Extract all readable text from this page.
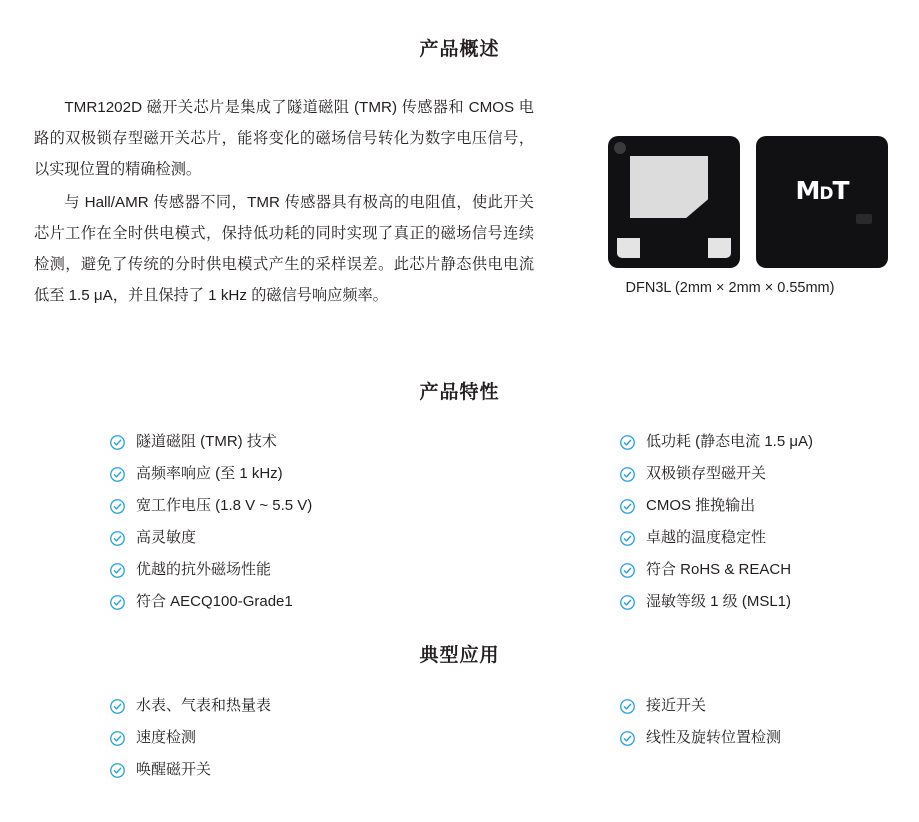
产品概述

TMR1202D 磁开关芯片是集成了隧道磁阻 (TMR) 传感器和 CMOS 电路的双极锁存型磁开关芯片，能将变化的磁场信号转化为数字电压信号，以实现位置的精确检测。

与 Hall/AMR 传感器不同，TMR 传感器具有极高的电阻值，使此开关芯片工作在全时供电模式，保持低功耗的同时实现了真正的磁场信号连续检测，避免了传统的分时供电模式产生的采样误差。此芯片静态供电电流低至 1.5 μA，并且保持了 1 kHz 的磁信号响应频率。

MDT
DFN3L (2mm × 2mm × 0.55mm)
产品特性
隧道磁阻 (TMR) 技术
高频率响应 (至 1 kHz)
宽工作电压 (1.8 V ~ 5.5 V)
高灵敏度
优越的抗外磁场性能
符合 AECQ100-Grade1
低功耗 (静态电流 1.5 μA)
双极锁存型磁开关
CMOS 推挽输出
卓越的温度稳定性
符合 RoHS & REACH
湿敏等级 1 级 (MSL1)
典型应用
水表、气表和热量表
速度检测
唤醒磁开关
接近开关
线性及旋转位置检测
